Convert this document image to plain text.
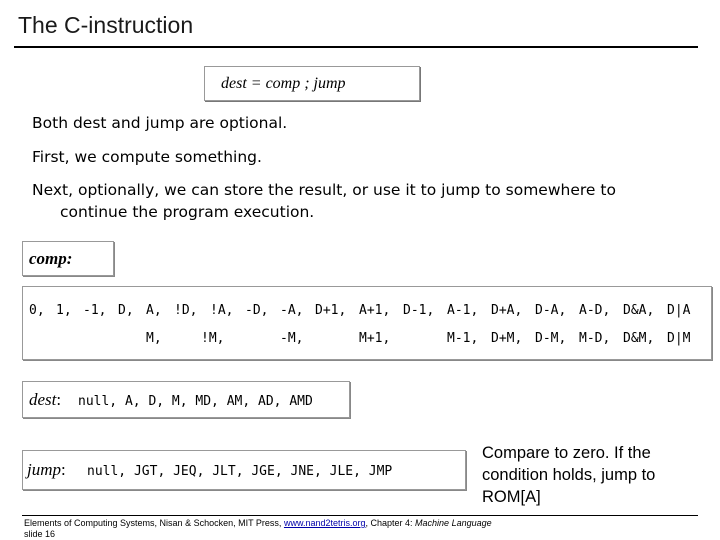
The C-instruction
dest = comp ; jump
Both dest and jump are optional.
First, we compute something.
Next, optionally, we can store the result, or use it to jump to somewhere to
continue the program execution.
comp:
0, 1, -1, D, A, !D, !A, -D, -A, D+1, A+1, D-1, A-1, D+A, D-A, A-D, D&A, D|A
M,	!M,	-M,	M+1,	M-1, D+M, D-M, M-D, D&M, D|M
dest: null, A, D, M, MD, AM, AD, AMD
jump: null, JGT, JEQ, JLT, JGE, JNE, JLE, JMP
Compare to zero. If the
condition holds, jump to
ROM[A]
Elements of Computing Systems, Nisan & Schocken, MIT Press, www.nand2tetris.org, Chapter 4: Machine Language
slide 16
